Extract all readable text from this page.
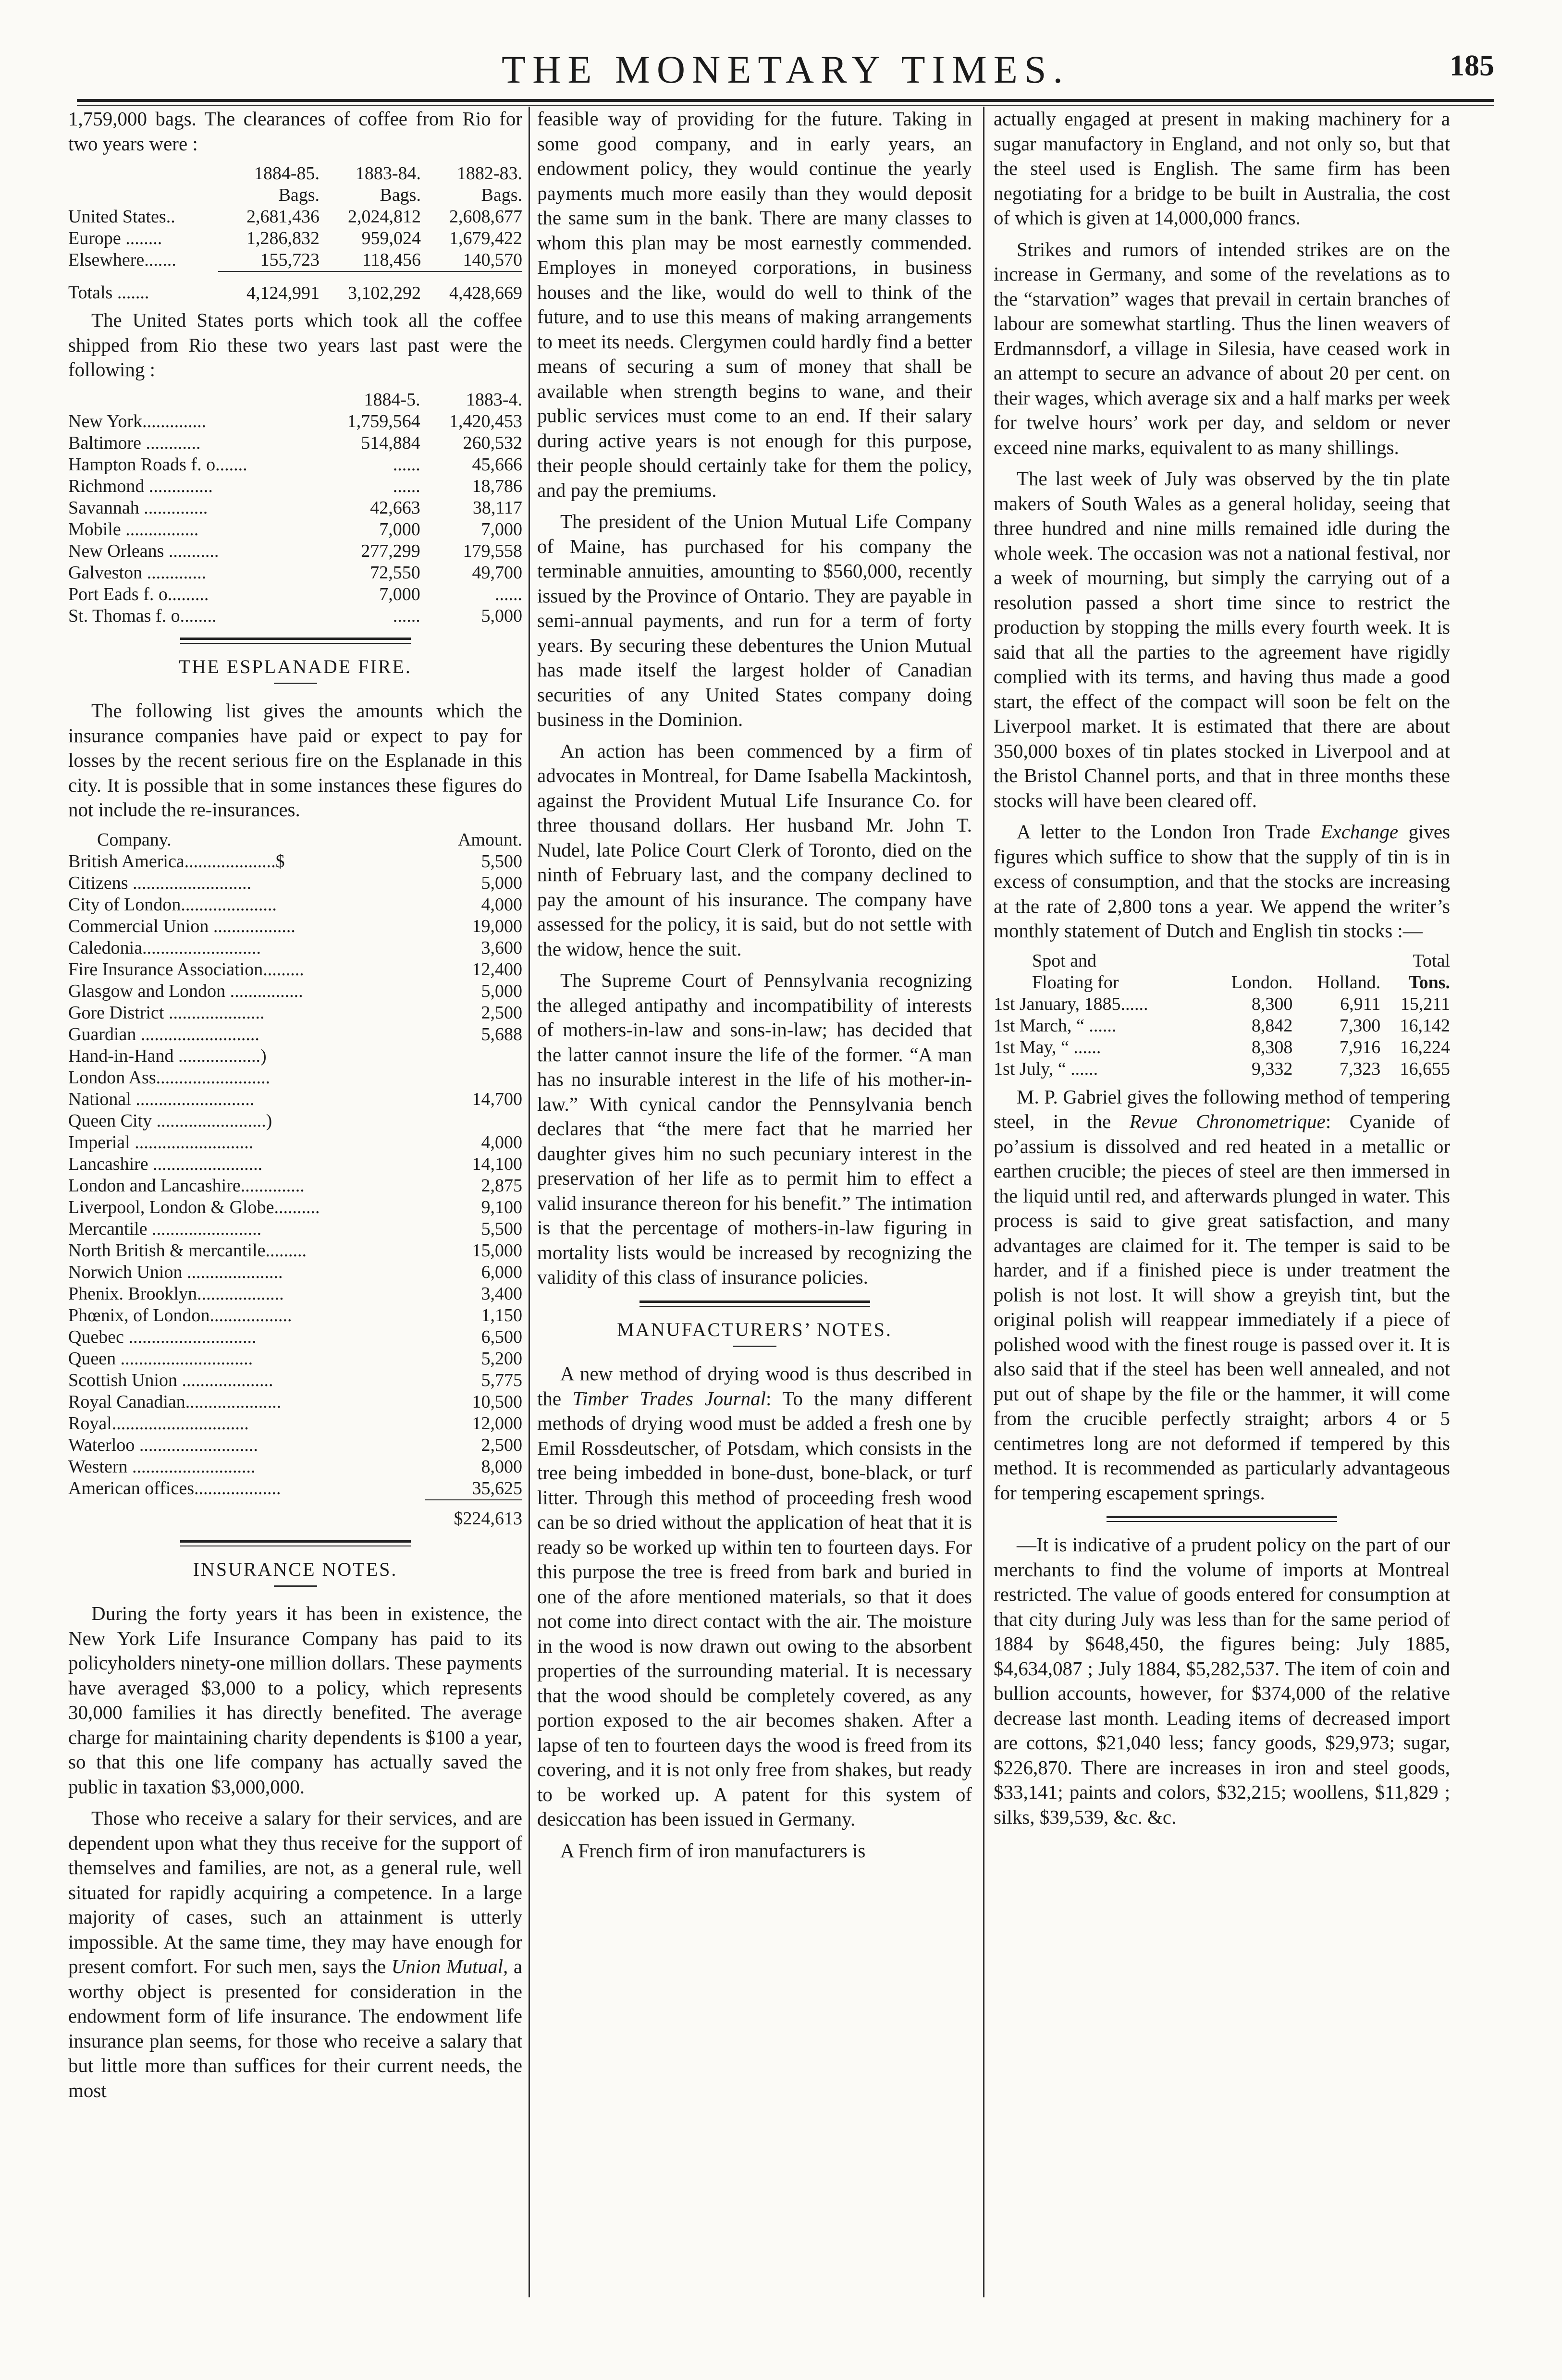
THE MONETARY TIMES.	185

1,759,000 bags. The clearances of coffee from Rio for two years were :

	1884-85.	1883-84.	1882-83.
	Bags.	Bags.	Bags.
United States..	2,681,436	2,024,812	2,608,677
Europe ........	1,286,832	959,024	1,679,422
Elsewhere.......	155,723	118,456	140,570
Totals .......	4,124,991	3,102,292	4,428,669

The United States ports which took all the coffee shipped from Rio these two years last past were the following :

	1884-5.	1883-4.
New York..............	1,759,564	1,420,453
Baltimore ............	514,884	260,532
Hampton Roads f. o.......	......	45,666
Richmond ..............	......	18,786
Savannah ..............	42,663	38,117
Mobile ................	7,000	7,000
New Orleans ...........	277,299	179,558
Galveston .............	72,550	49,700
Port Eads f. o.........	7,000	......
St. Thomas f. o........	......	5,000
THE ESPLANADE FIRE.

The following list gives the amounts which the insurance companies have paid or expect to pay for losses by the recent serious fire on the Esplanade in this city. It is possible that in some instances these figures do not include the re-insurances.

Company.	Amount.
British America....................$	5,500
Citizens ..........................	5,000
City of London.....................	4,000
Commercial Union ..................	19,000
Caledonia..........................	3,600
Fire Insurance Association.........	12,400
Glasgow and London ................	5,000
Gore District .....................	2,500
Guardian ..........................	5,688
Hand-in-Hand ..................)	
London Ass.........................	
National ..........................	14,700
Queen City ........................)	
Imperial ..........................	4,000
Lancashire ........................	14,100
London and Lancashire..............	2,875
Liverpool, London & Globe..........	9,100
Mercantile ........................	5,500
North British & mercantile.........	15,000
Norwich Union .....................	6,000
Phenix. Brooklyn...................	3,400
Phœnix, of London..................	1,150
Quebec ............................	6,500
Queen .............................	5,200
Scottish Union ....................	5,775
Royal Canadian.....................	10,500
Royal..............................	12,000
Waterloo ..........................	2,500
Western ...........................	8,000
American offices...................	35,625
	$224,613
INSURANCE NOTES.

During the forty years it has been in existence, the New York Life Insurance Company has paid to its policyholders ninety-one million dollars. These payments have averaged $3,000 to a policy, which represents 30,000 families it has directly benefited. The average charge for maintaining charity dependents is $100 a year, so that this one life company has actually saved the public in taxation $3,000,000.

Those who receive a salary for their services, and are dependent upon what they thus receive for the support of themselves and families, are not, as a general rule, well situated for rapidly acquiring a competence. In a large majority of cases, such an attainment is utterly impossible. At the same time, they may have enough for present comfort. For such men, says the Union Mutual, a worthy object is presented for consideration in the endowment form of life insurance. The endowment life insurance plan seems, for those who receive a salary that but little more than suffices for their current needs, the most

feasible way of providing for the future. Taking in some good company, and in early years, an endowment policy, they would continue the yearly payments much more easily than they would deposit the same sum in the bank. There are many classes to whom this plan may be most earnestly commended. Employes in moneyed corporations, in business houses and the like, would do well to think of the future, and to use this means of making arrangements to meet its needs. Clergymen could hardly find a better means of securing a sum of money that shall be available when strength begins to wane, and their public services must come to an end. If their salary during active years is not enough for this purpose, their people should certainly take for them the policy, and pay the premiums.

The president of the Union Mutual Life Company of Maine, has purchased for his company the terminable annuities, amounting to $560,000, recently issued by the Province of Ontario. They are payable in semi-annual payments, and run for a term of forty years. By securing these debentures the Union Mutual has made itself the largest holder of Canadian securities of any United States company doing business in the Dominion.

An action has been commenced by a firm of advocates in Montreal, for Dame Isabella Mackintosh, against the Provident Mutual Life Insurance Co. for three thousand dollars. Her husband Mr. John T. Nudel, late Police Court Clerk of Toronto, died on the ninth of February last, and the company declined to pay the amount of his insurance. The company have assessed for the policy, it is said, but do not settle with the widow, hence the suit.

The Supreme Court of Pennsylvania recognizing the alleged antipathy and incompatibility of interests of mothers-in-law and sons-in-law; has decided that the latter cannot insure the life of the former. “A man has no insurable interest in the life of his mother-in-law.” With cynical candor the Pennsylvania bench declares that “the mere fact that he married her daughter gives him no such pecuniary interest in the preservation of her life as to permit him to effect a valid insurance thereon for his benefit.” The intimation is that the percentage of mothers-in-law figuring in mortality lists would be increased by recognizing the validity of this class of insurance policies.

MANUFACTURERS’ NOTES.

A new method of drying wood is thus described in the Timber Trades Journal: To the many different methods of drying wood must be added a fresh one by Emil Rossdeutscher, of Potsdam, which consists in the tree being imbedded in bone-dust, bone-black, or turf litter. Through this method of proceeding fresh wood can be so dried without the application of heat that it is ready so be worked up within ten to fourteen days. For this purpose the tree is freed from bark and buried in one of the afore mentioned materials, so that it does not come into direct contact with the air. The moisture in the wood is now drawn out owing to the absorbent properties of the surrounding material. It is necessary that the wood should be completely covered, as any portion exposed to the air becomes shaken. After a lapse of ten to fourteen days the wood is freed from its covering, and it is not only free from shakes, but ready to be worked up. A patent for this system of desiccation has been issued in Germany.

A French firm of iron manufacturers is

actually engaged at present in making machinery for a sugar manufactory in England, and not only so, but that the steel used is English. The same firm has been negotiating for a bridge to be built in Australia, the cost of which is given at 14,000,000 francs.

Strikes and rumors of intended strikes are on the increase in Germany, and some of the revelations as to the “starvation” wages that prevail in certain branches of labour are somewhat startling. Thus the linen weavers of Erdmannsdorf, a village in Silesia, have ceased work in an attempt to secure an advance of about 20 per cent. on their wages, which average six and a half marks per week for twelve hours’ work per day, and seldom or never exceed nine marks, equivalent to as many shillings.

The last week of July was observed by the tin plate makers of South Wales as a general holiday, seeing that three hundred and nine mills remained idle during the whole week. The occasion was not a national festival, nor a week of mourning, but simply the carrying out of a resolution passed a short time since to restrict the production by stopping the mills every fourth week. It is said that all the parties to the agreement have rigidly complied with its terms, and having thus made a good start, the effect of the compact will soon be felt on the Liverpool market. It is estimated that there are about 350,000 boxes of tin plates stocked in Liverpool and at the Bristol Channel ports, and that in three months these stocks will have been cleared off.

A letter to the London Iron Trade Exchange gives figures which suffice to show that the supply of tin is in excess of consumption, and that the stocks are increasing at the rate of 2,800 tons a year. We append the writer’s monthly statement of Dutch and English tin stocks :—

Spot and			Total
Floating for	London.	Holland.	Tons.
1st January, 1885......	8,300	6,911	15,211
1st March, “ ......	8,842	7,300	16,142
1st May, “ ......	8,308	7,916	16,224
1st July, “ ......	9,332	7,323	16,655

M. P. Gabriel gives the following method of tempering steel, in the Revue Chronometrique: Cyanide of po’assium is dissolved and red heated in a metallic or earthen crucible; the pieces of steel are then immersed in the liquid until red, and afterwards plunged in water. This process is said to give great satisfaction, and many advantages are claimed for it. The temper is said to be harder, and if a finished piece is under treatment the polish is not lost. It will show a greyish tint, but the original polish will reappear immediately if a piece of polished wood with the finest rouge is passed over it. It is also said that if the steel has been well annealed, and not put out of shape by the file or the hammer, it will come from the crucible perfectly straight; arbors 4 or 5 centimetres long are not deformed if tempered by this method. It is recommended as particularly advantageous for tempering escapement springs.

—It is indicative of a prudent policy on the part of our merchants to find the volume of imports at Montreal restricted. The value of goods entered for consumption at that city during July was less than for the same period of 1884 by $648,450, the figures being: July 1885, $4,634,087 ; July 1884, $5,282,537. The item of coin and bullion accounts, however, for $374,000 of the relative decrease last month. Leading items of decreased import are cottons, $21,040 less; fancy goods, $29,973; sugar, $226,870. There are increases in iron and steel goods, $33,141; paints and colors, $32,215; woollens, $11,829 ; silks, $39,539, &c. &c.
